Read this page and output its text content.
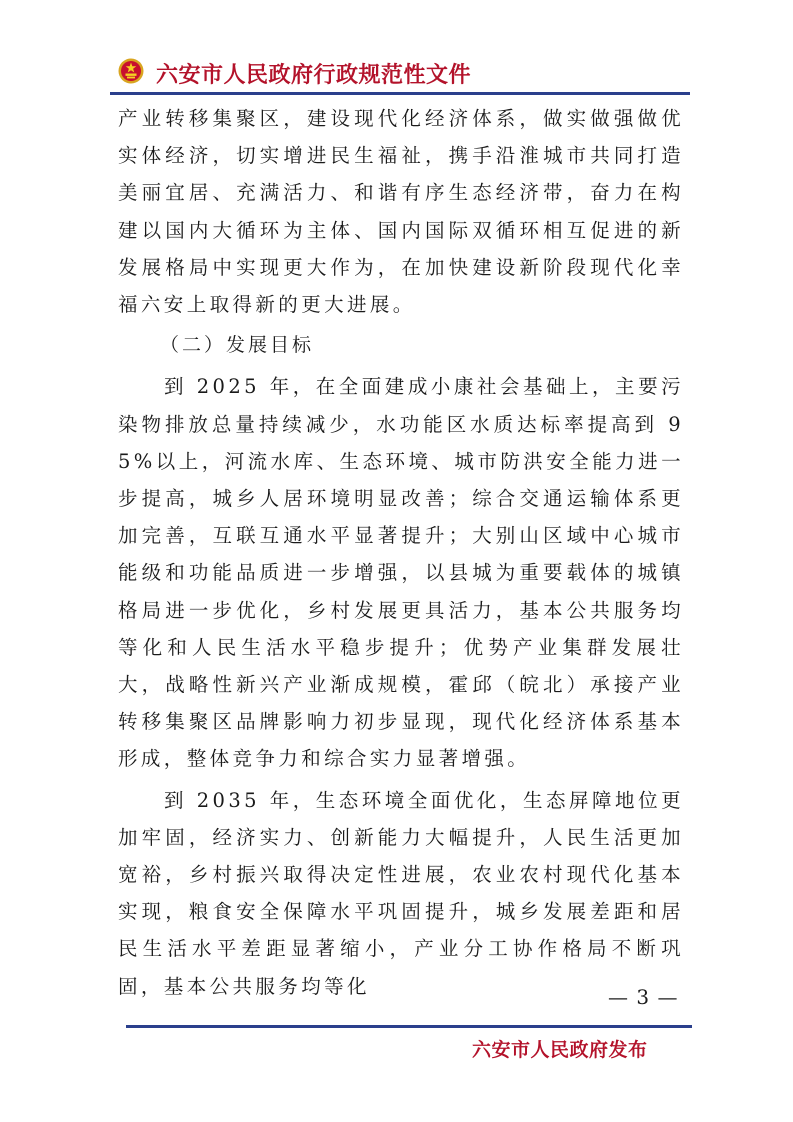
六安市人民政府行政规范性文件

产业转移集聚区，建设现代化经济体系，做实做强做优实体经济，切实增进民生福祉，携手沿淮城市共同打造美丽宜居、充满活力、和谐有序生态经济带，奋力在构建以国内大循环为主体、国内国际双循环相互促进的新发展格局中实现更大作为，在加快建设新阶段现代化幸福六安上取得新的更大进展。

（二）发展目标

到 2025 年，在全面建成小康社会基础上，主要污染物排放总量持续减少，水功能区水质达标率提高到 95%以上，河流水库、生态环境、城市防洪安全能力进一步提高，城乡人居环境明显改善；综合交通运输体系更加完善，互联互通水平显著提升；大别山区域中心城市能级和功能品质进一步增强，以县城为重要载体的城镇格局进一步优化，乡村发展更具活力，基本公共服务均等化和人民生活水平稳步提升；优势产业集群发展壮大，战略性新兴产业渐成规模，霍邱（皖北）承接产业转移集聚区品牌影响力初步显现，现代化经济体系基本形成，整体竞争力和综合实力显著增强。

到 2035 年，生态环境全面优化，生态屏障地位更加牢固，经济实力、创新能力大幅提升，人民生活更加宽裕，乡村振兴取得决定性进展，农业农村现代化基本实现，粮食安全保障水平巩固提升，城乡发展差距和居民生活水平差距显著缩小，产业分工协作格局不断巩固，基本公共服务均等化	— 3 —
六安市人民政府发布
